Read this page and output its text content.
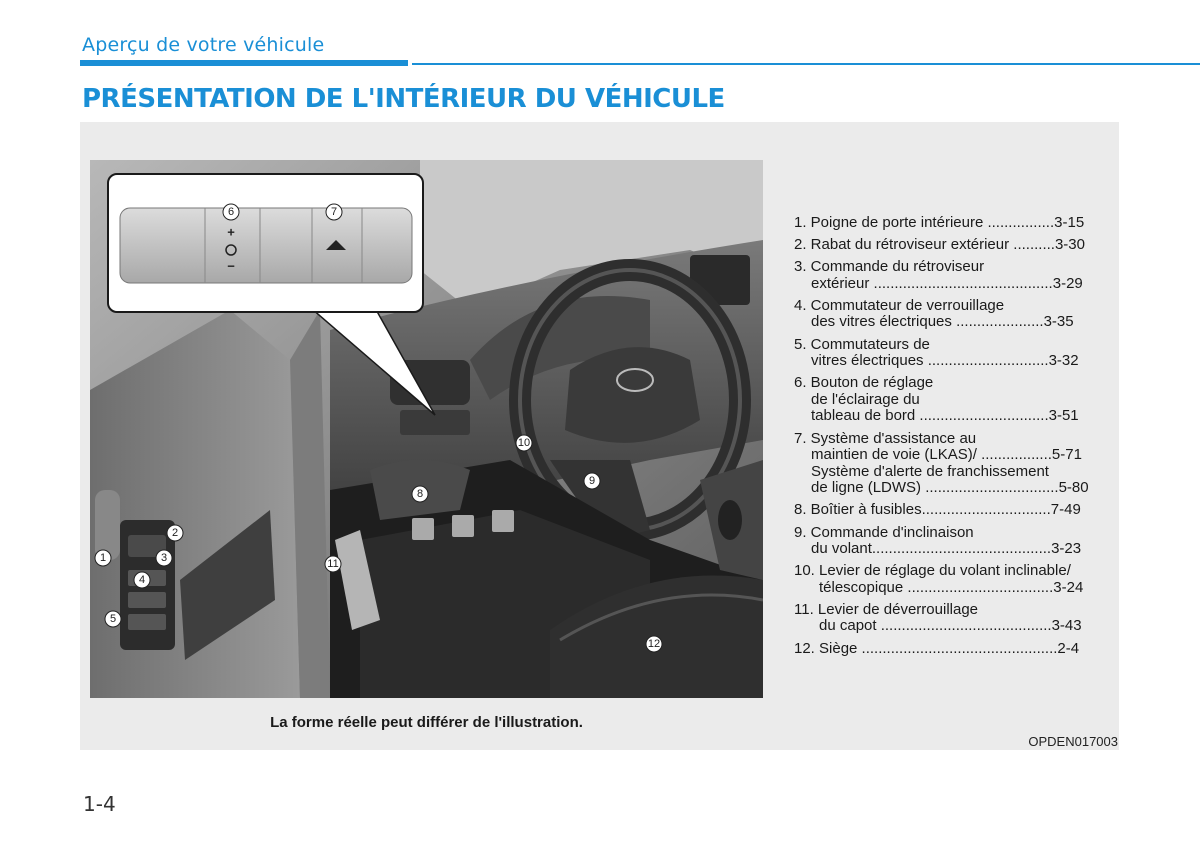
Aperçu de votre véhicule
PRÉSENTATION DE L'INTÉRIEUR DU VÉHICULE
+
−
6	7
1
2
3
4
5
8
9
10
11
12
1. Poigne de porte intérieure ................3-15
2. Rabat du rétroviseur extérieur ..........3-30
3. Commande du rétroviseur
extérieur ...........................................3-29
4. Commutateur de verrouillage
des vitres électriques .....................3-35
5. Commutateurs de
vitres électriques .............................3-32
6. Bouton de réglage
de l'éclairage du
tableau de bord ...............................3-51
7. Système d'assistance au
maintien de voie (LKAS)/ .................5-71
Système d'alerte de franchissement
de ligne (LDWS) ................................5-80
8. Boîtier à fusibles...............................7-49
9. Commande d'inclinaison
du volant...........................................3-23
10. Levier de réglage du volant inclinable/
télescopique ...................................3-24
11. Levier de déverrouillage
du capot .........................................3-43
12. Siège ...............................................2-4
La forme réelle peut différer de l'illustration.
OPDEN017003
1-4
